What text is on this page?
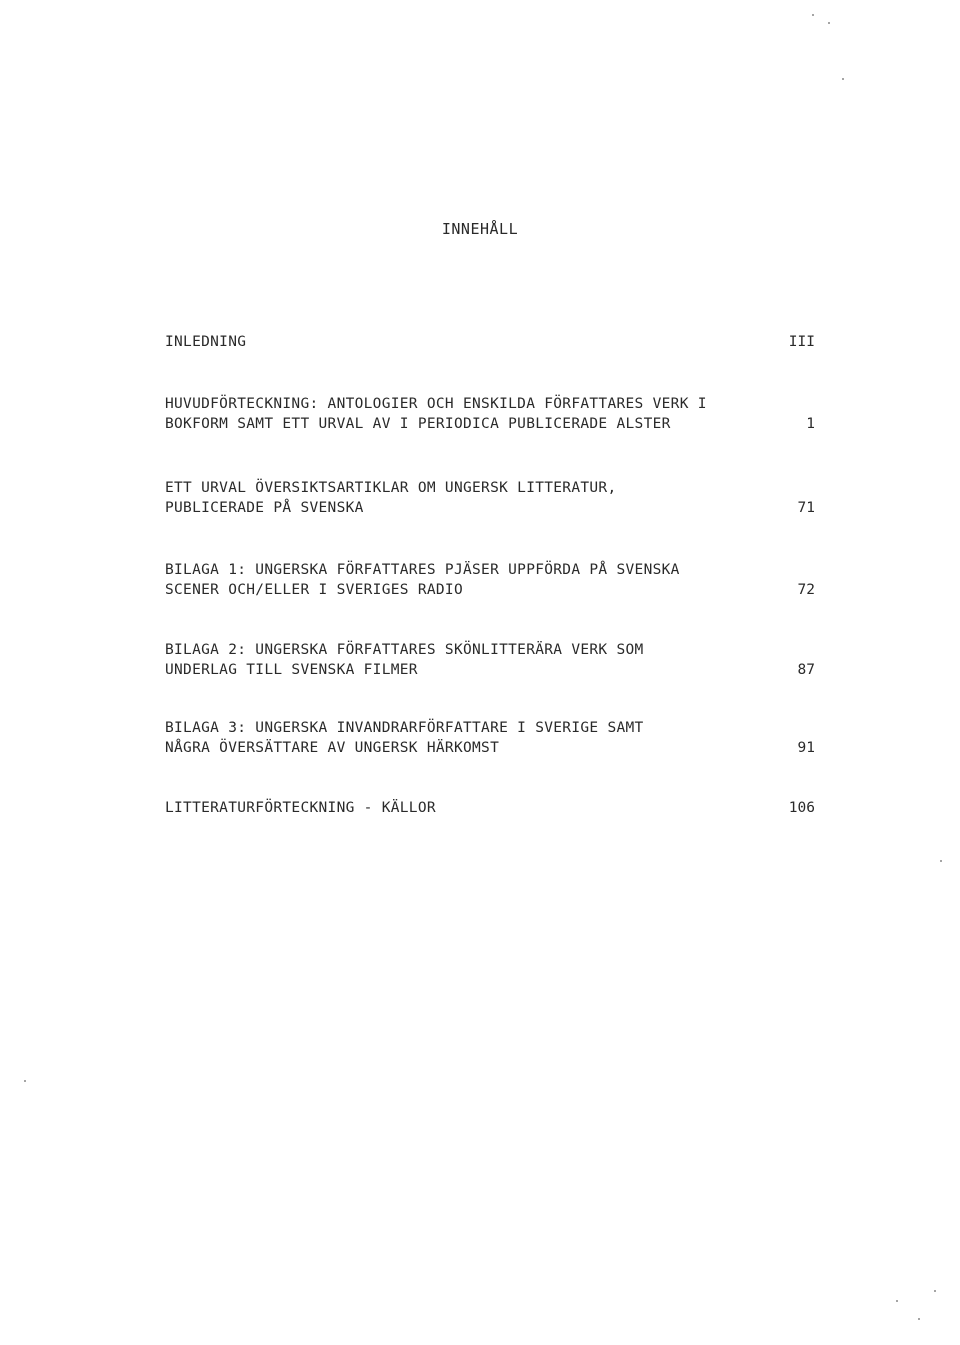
INNEHÅLL
INLEDNING	III
HUVUDFÖRTECKNING: ANTOLOGIER OCH ENSKILDA FÖRFATTARES VERK I
BOKFORM SAMT ETT URVAL AV I PERIODICA PUBLICERADE ALSTER	1
ETT URVAL ÖVERSIKTSARTIKLAR OM UNGERSK LITTERATUR,
PUBLICERADE PÅ SVENSKA	71
BILAGA 1: UNGERSKA FÖRFATTARES PJÄSER UPPFÖRDA PÅ SVENSKA
SCENER OCH/ELLER I SVERIGES RADIO	72
BILAGA 2: UNGERSKA FÖRFATTARES SKÖNLITTERÄRA VERK SOM
UNDERLAG TILL SVENSKA FILMER	87
BILAGA 3: UNGERSKA INVANDRARFÖRFATTARE I SVERIGE SAMT
NÅGRA ÖVERSÄTTARE AV UNGERSK HÄRKOMST	91
LITTERATURFÖRTECKNING - KÄLLOR	106
